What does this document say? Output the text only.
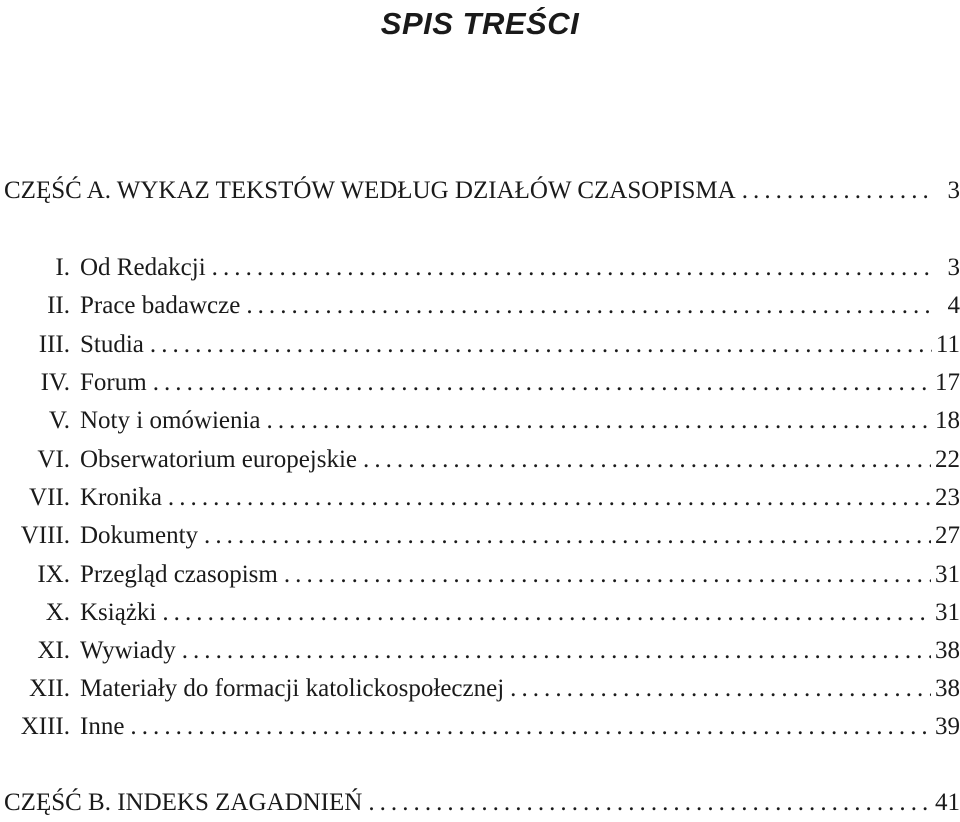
SPIS TREŚCI
CZĘŚĆ A. WYKAZ TEKSTÓW WEDŁUG DZIAŁÓW CZASOPISMA . . .	3
I. Od Redakcji . . .	3
II. Prace badawcze . . .	4
III. Studia . . .	11
IV. Forum . . .	17
V. Noty i omówienia . . .	18
VI. Obserwatorium europejskie . . .	22
VII. Kronika . . .	23
VIII. Dokumenty . . .	27
IX. Przegląd czasopism . . .	31
X. Książki . . .	31
XI. Wywiady . . .	38
XII. Materiały do formacji katolickospołecznej . . .	38
XIII. Inne . . .	39
CZĘŚĆ B. INDEKS ZAGADNIEŃ . . .	41
